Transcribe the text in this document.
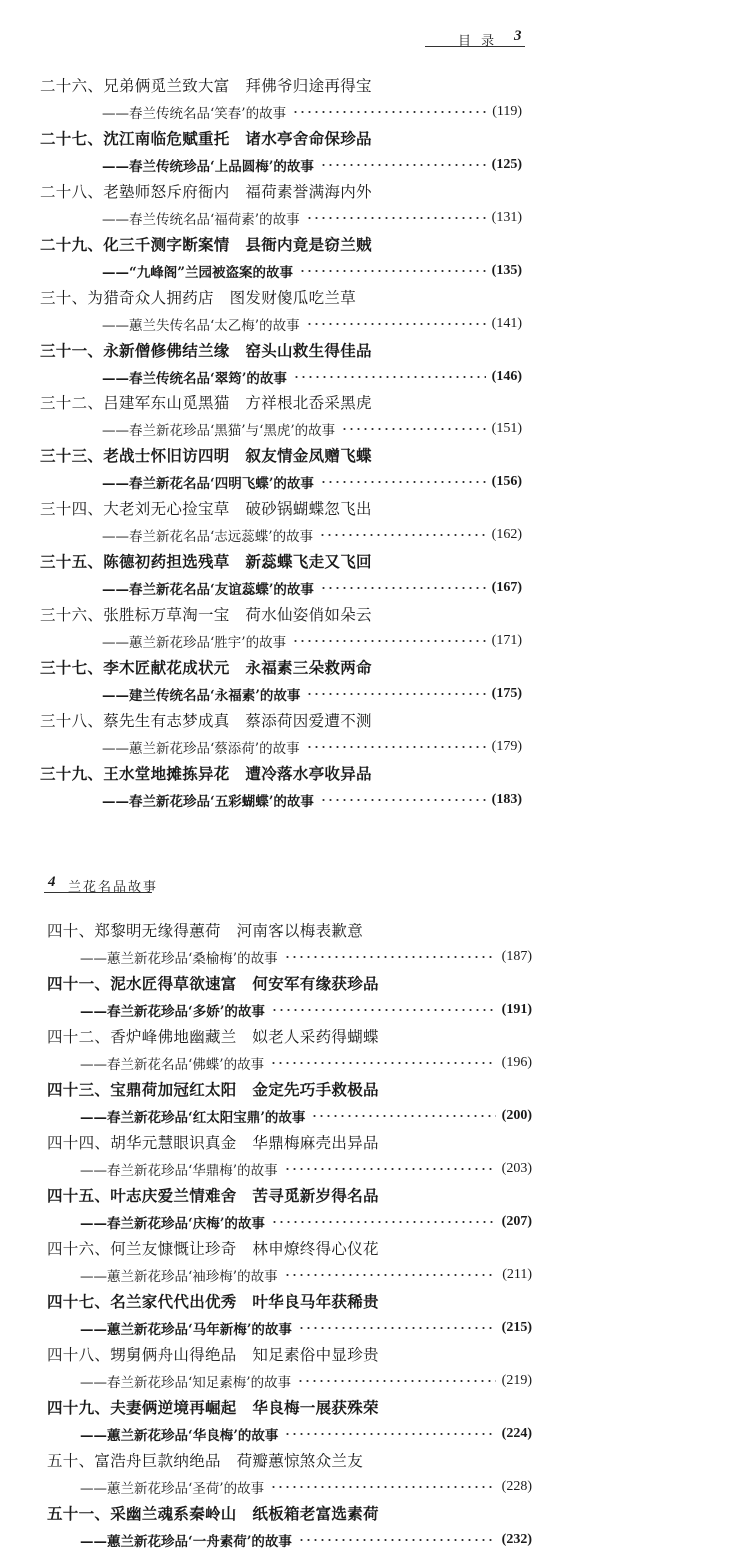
目 录 3
二十六、兄弟俩觅兰致大富　拜佛爷归途再得宝
——春兰传统名品‘笑春’的故事	(119)
二十七、沈江南临危赋重托　诸水亭舍命保珍品
——春兰传统珍品‘上品圆梅’的故事	(125)
二十八、老塾师怒斥府衙内　福荷素誉满海内外
——春兰传统名品‘福荷素’的故事	(131)
二十九、化三千测字断案情　县衙内竟是窃兰贼
——“九峰阁”兰园被盗案的故事	(135)
三十、为猎奇众人拥药店　图发财傻瓜吃兰草
——蕙兰失传名品‘太乙梅’的故事	(141)
三十一、永新僧修佛结兰缘　窑头山救生得佳品
——春兰传统名品‘翠筠’的故事	(146)
三十二、吕建军东山觅黑猫　方祥根北岙采黑虎
——春兰新花珍品‘黑猫’与‘黑虎’的故事	(151)
三十三、老战士怀旧访四明　叙友情金凤赠飞蝶
——春兰新花名品‘四明飞蝶’的故事	(156)
三十四、大老刘无心捡宝草　破砂锅蝴蝶忽飞出
——春兰新花名品‘志远蕊蝶’的故事	(162)
三十五、陈德初药担选残草　新蕊蝶飞走又飞回
——春兰新花名品‘友谊蕊蝶’的故事	(167)
三十六、张胜标万草淘一宝　荷水仙姿俏如朵云
——蕙兰新花珍品‘胜宇’的故事	(171)
三十七、李木匠献花成状元　永福素三朵救两命
——建兰传统名品‘永福素’的故事	(175)
三十八、蔡先生有志梦成真　蔡添荷因爱遭不测
——蕙兰新花珍品‘蔡添荷’的故事	(179)
三十九、王水堂地摊拣异花　遭冷落水亭收异品
——春兰新花珍品‘五彩蝴蝶’的故事	(183)
4 兰花名品故事
四十、郑黎明无缘得蕙荷　河南客以梅表歉意
——蕙兰新花珍品‘桑榆梅’的故事	(187)
四十一、泥水匠得草欲速富　何安军有缘获珍品
——春兰新花珍品‘多娇’的故事	(191)
四十二、香炉峰佛地幽藏兰　姒老人采药得蝴蝶
——春兰新花名品‘佛蝶’的故事	(196)
四十三、宝鼎荷加冠红太阳　金定先巧手救极品
——春兰新花珍品‘红太阳宝鼎’的故事	(200)
四十四、胡华元慧眼识真金　华鼎梅麻壳出异品
——春兰新花珍品‘华鼎梅’的故事	(203)
四十五、叶志庆爱兰情难舍　苦寻觅新岁得名品
——春兰新花珍品‘庆梅’的故事	(207)
四十六、何兰友慷慨让珍奇　林申燎终得心仪花
——蕙兰新花珍品‘袖珍梅’的故事	(211)
四十七、名兰家代代出优秀　叶华良马年获稀贵
——蕙兰新花珍品‘马年新梅’的故事	(215)
四十八、甥舅俩舟山得绝品　知足素俗中显珍贵
——春兰新花珍品‘知足素梅’的故事	(219)
四十九、夫妻俩逆境再崛起　华良梅一展获殊荣
——蕙兰新花珍品‘华良梅’的故事	(224)
五十、富浩舟巨款纳绝品　荷瓣蕙惊煞众兰友
——蕙兰新花珍品‘圣荷’的故事	(228)
五十一、采幽兰魂系秦岭山　纸板箱老富选素荷
——蕙兰新花珍品‘一舟素荷’的故事	(232)
